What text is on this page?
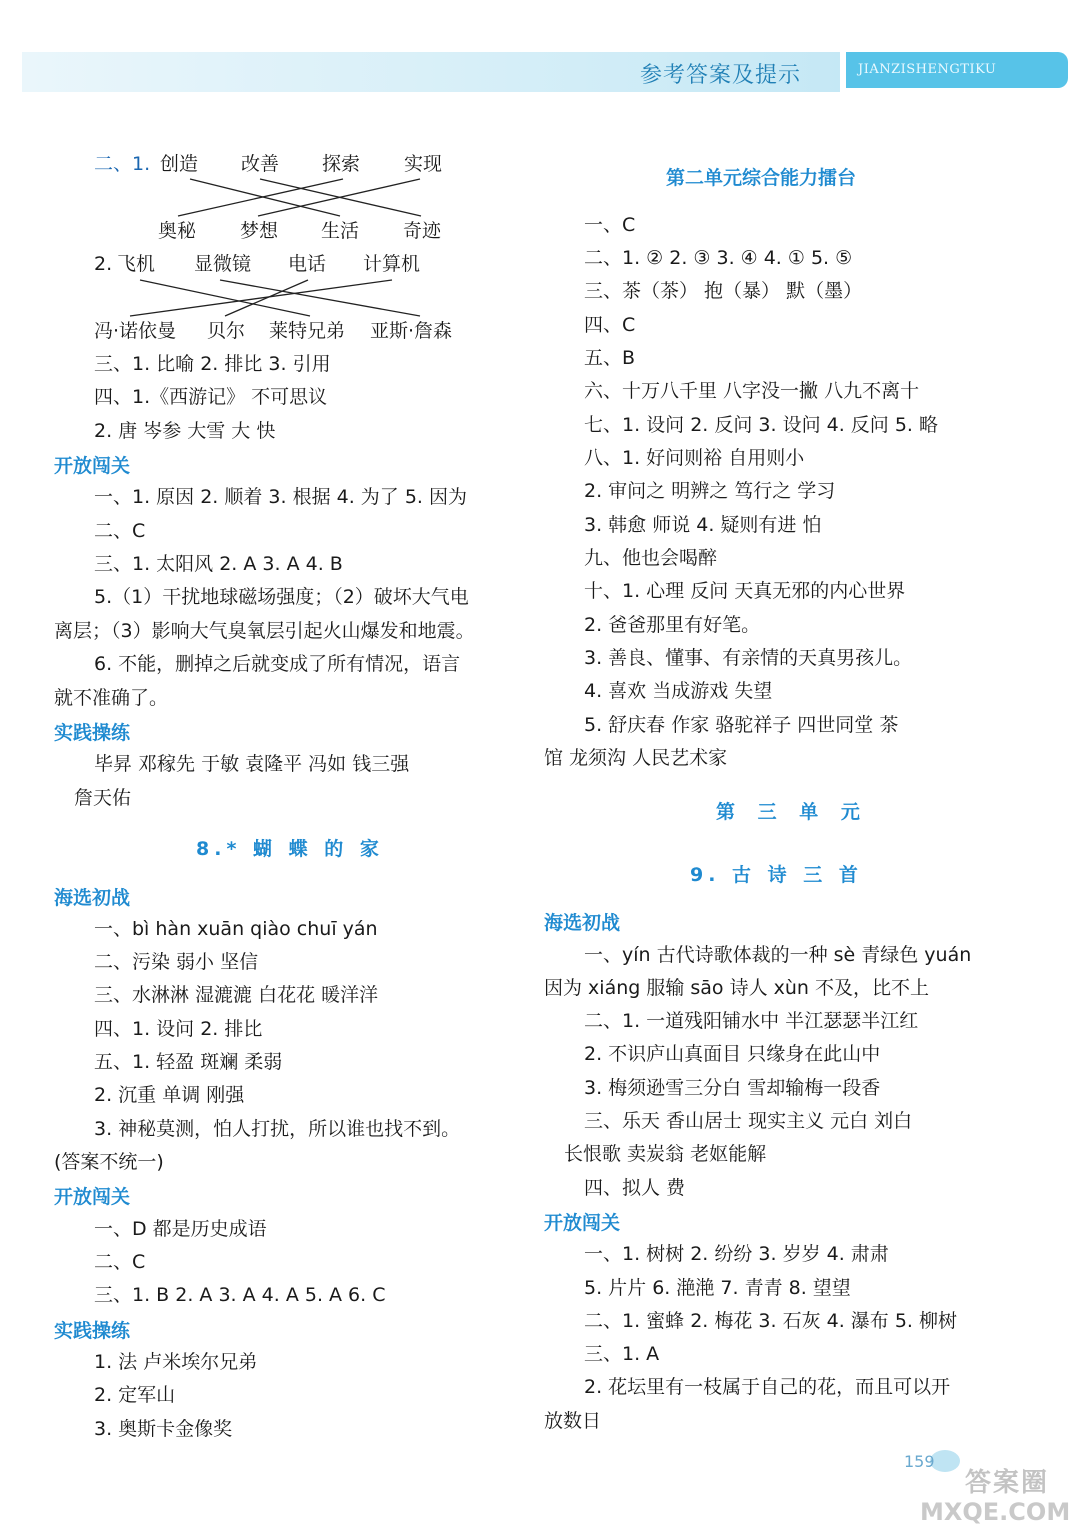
参考答案及提示	JIANZISHENGTIKU
二、1. 创造 改善 探索 实现
奥秘 梦想 生活 奇迹
2. 飞机 显微镜 电话 计算机
冯·诺依曼 贝尔 莱特兄弟 亚斯·詹森
三、1. 比喻 2. 排比 3. 引用
四、1.《西游记》 不可思议
2. 唐 岑参 大雪 大 快
开放闯关
一、1. 原因 2. 顺着 3. 根据 4. 为了 5. 因为
二、C
三、1. 太阳风 2. A 3. A 4. B
5.（1）干扰地球磁场强度；（2）破坏大气电
离层；（3）影响大气臭氧层引起火山爆发和地震。
6. 不能，删掉之后就变成了所有情况，语言
就不准确了。
实践操练
毕昇 邓稼先 于敏 袁隆平 冯如 钱三强
詹天佑
8.* 蝴 蝶 的 家
海选初战
一、bì hàn xuān qiào chuī yán
二、污染 弱小 坚信
三、水淋淋 湿漉漉 白花花 暖洋洋
四、1. 设问 2. 排比
五、1. 轻盈 斑斓 柔弱
2. 沉重 单调 刚强
3. 神秘莫测，怕人打扰，所以谁也找不到。
(答案不统一)
开放闯关
一、D 都是历史成语
二、C
三、1. B 2. A 3. A 4. A 5. A 6. C
实践操练
1. 法 卢米埃尔兄弟
2. 定军山
3. 奥斯卡金像奖
第二单元综合能力擂台
一、C
二、1. ② 2. ③ 3. ④ 4. ① 5. ⑤
三、茶（茶） 抱（暴） 默（墨）
四、C
五、B
六、十万八千里 八字没一撇 八九不离十
七、1. 设问 2. 反问 3. 设问 4. 反问 5. 略
八、1. 好问则裕 自用则小
2. 审问之 明辨之 笃行之 学习
3. 韩愈 师说 4. 疑则有进 怕
九、他也会喝醉
十、1. 心理 反问 天真无邪的内心世界
2. 爸爸那里有好笔。
3. 善良、懂事、有亲情的天真男孩儿。
4. 喜欢 当成游戏 失望
5. 舒庆春 作家 骆驼祥子 四世同堂 茶
馆 龙须沟 人民艺术家
第 三 单 元
9. 古 诗 三 首
海选初战
一、yín 古代诗歌体裁的一种 sè 青绿色 yuán
因为 xiáng 服输 sāo 诗人 xùn 不及，比不上
二、1. 一道残阳铺水中 半江瑟瑟半江红
2. 不识庐山真面目 只缘身在此山中
3. 梅须逊雪三分白 雪却输梅一段香
三、乐天 香山居士 现实主义 元白 刘白
长恨歌 卖炭翁 老妪能解
四、拟人 费
开放闯关
一、1. 树树 2. 纷纷 3. 岁岁 4. 肃肃
5. 片片 6. 滟滟 7. 青青 8. 望望
二、1. 蜜蜂 2. 梅花 3. 石灰 4. 瀑布 5. 柳树
三、1. A
2. 花坛里有一枝属于自己的花，而且可以开
放数日
159
答案圈
MXQE.COM
